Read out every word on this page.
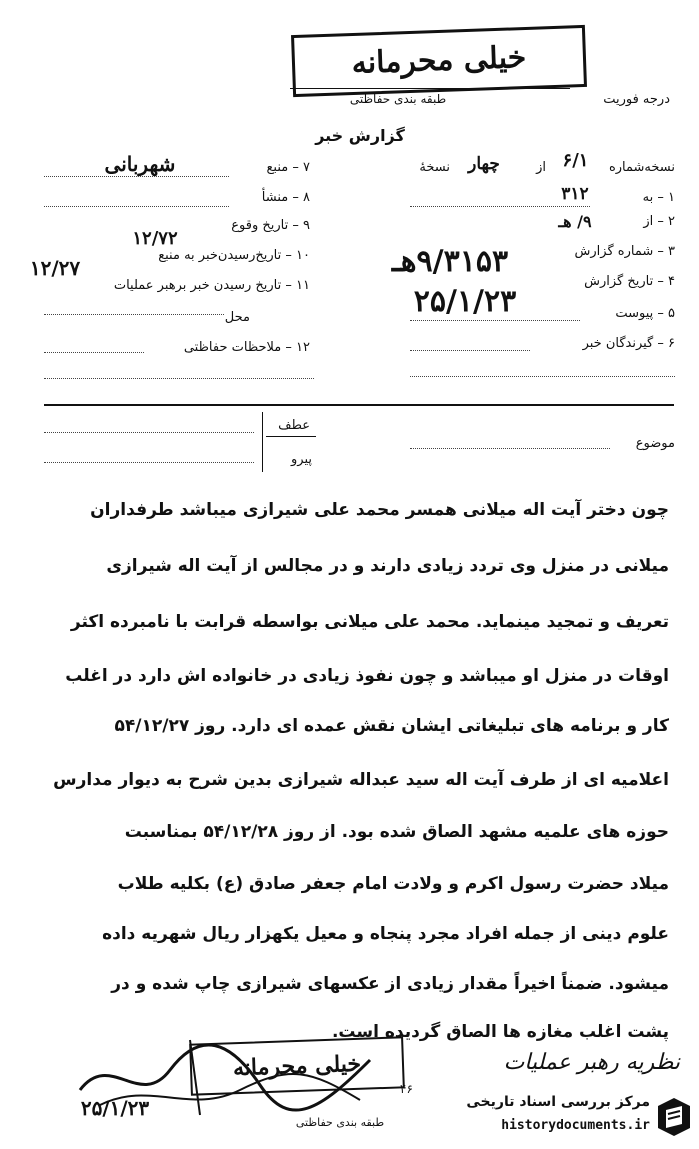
خیلی محرمانه
طبقه بندی حفاظتی	درجه فوریت
گزارش خبر
۷ – منبع
شهربانی
۸ – منشأ
۹ – تاریخ وقوع
۱۲/۷۲
۱۰ – تاریخ‌رسیدن‌خبر به منبع
۱۲/۲۷
۱۱ – تاریخ رسیدن خبر برهبر عملیات
محل
۱۲ – ملاحظات حفاظتی
نسخه‌شماره
۶/۱
از
چهار
نسخهٔ
۱ – به
۳۱۲
۲ – از
۹/ هـ
۳ – شماره گزارش
۴ – تاریخ گزارش
۹/۳۱۵۳هـ
۲۵/۱/۲۳	۵ – پیوست
۶ – گیرندگان خبر
موضوع
عطف
پیرو
چون دختر آیت اله میلانی همسر محمد علی شیرازی میباشد طرفداران
میلانی در منزل وی تردد زیادی دارند و در مجالس از آیت اله شیرازی
تعریف و تمجید مینماید. محمد علی میلانی بواسطه قرابت با نامبرده اکثر
اوقات در منزل او میباشد و چون نفوذ زیادی در خانواده اش دارد در اغلب
کار و برنامه های تبلیغاتی ایشان نقش عمده ای دارد. روز ۵۴/۱۲/۲۷
اعلامیه ای از طرف آیت اله سید عبداله شیرازی بدین شرح به دیوار مدارس
حوزه های علمیه مشهد الصاق شده بود. از روز ۵۴/۱۲/۲۸ بمناسبت
میلاد حضرت رسول اکرم و ولادت امام جعفر صادق (ع) بکلیه طلاب
علوم دینی از جمله افراد مجرد پنجاه و معیل یکهزار ریال شهریه داده
میشود. ضمناً اخیراً مقدار زیادی از عکسهای شیرازی چاپ شده و در
پشت اغلب مغازه ها الصاق گردیده است.
نظریه رهبر عملیات
خیلی محرمانه
طبقه بندی حفاظتی
۲۵/۱/۲۳
۴۶
مرکز بررسی اسناد تاریخی
historydocuments.ir
